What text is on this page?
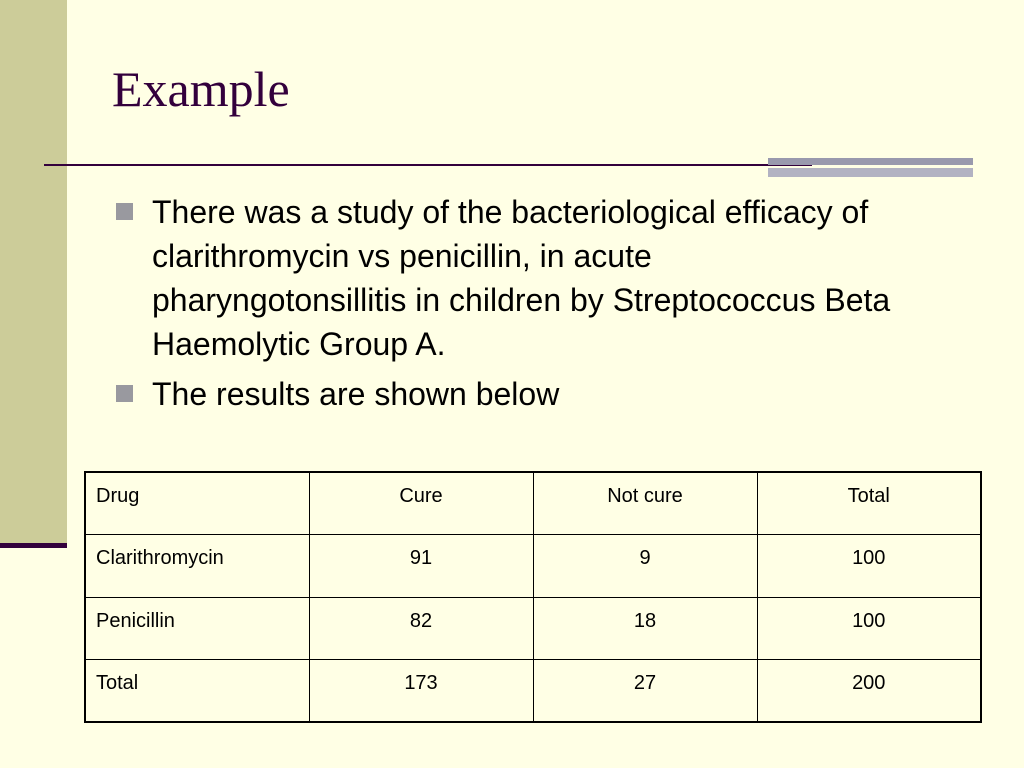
Example
There was a study of the bacteriological efficacy of clarithromycin vs penicillin, in acute pharyngotonsillitis in children by Streptococcus Beta Haemolytic Group A.
The results are shown below
Drug	Cure	Not cure	Total
Clarithromycin	91	9	100
Penicillin	82	18	100
Total	173	27	200
